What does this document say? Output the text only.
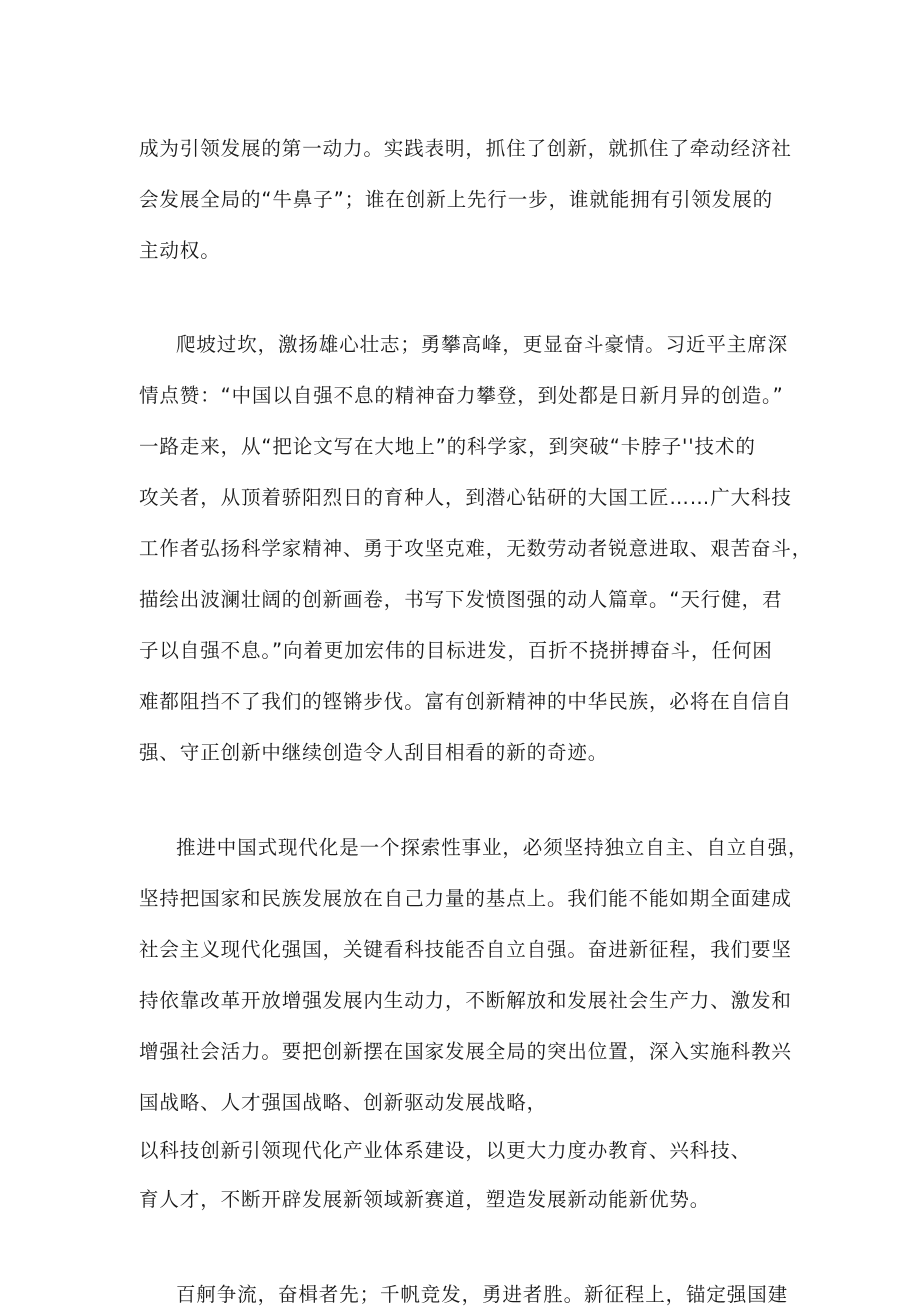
成为引领发展的第一动力。实践表明，抓住了创新，就抓住了牵动经济社
会发展全局的“牛鼻子”；谁在创新上先行一步，谁就能拥有引领发展的
主动权。
爬坡过坎，激扬雄心壮志；勇攀高峰，更显奋斗豪情。习近平主席深
情点赞：“中国以自强不息的精神奋力攀登，到处都是日新月异的创造。”
一路走来，从“把论文写在大地上”的科学家，到突破“卡脖子''技术的
攻关者，从顶着骄阳烈日的育种人，到潜心钻研的大国工匠……广大科技
工作者弘扬科学家精神、勇于攻坚克难，无数劳动者锐意进取、艰苦奋斗，
描绘出波澜壮阔的创新画卷，书写下发愤图强的动人篇章。“天行健，君
子以自强不息。”向着更加宏伟的目标进发，百折不挠拼搏奋斗，任何困
难都阻挡不了我们的铿锵步伐。富有创新精神的中华民族，必将在自信自
强、守正创新中继续创造令人刮目相看的新的奇迹。
推进中国式现代化是一个探索性事业，必须坚持独立自主、自立自强，
坚持把国家和民族发展放在自己力量的基点上。我们能不能如期全面建成
社会主义现代化强国，关键看科技能否自立自强。奋进新征程，我们要坚
持依靠改革开放增强发展内生动力，不断解放和发展社会生产力、激发和
增强社会活力。要把创新摆在国家发展全局的突出位置，深入实施科教兴
国战略、人才强国战略、创新驱动发展战略，
以科技创新引领现代化产业体系建设，以更大力度办教育、兴科技、
育人才，不断开辟发展新领域新赛道，塑造发展新动能新优势。
百舸争流，奋楫者先；千帆竞发，勇进者胜。新征程上，锚定强国建
